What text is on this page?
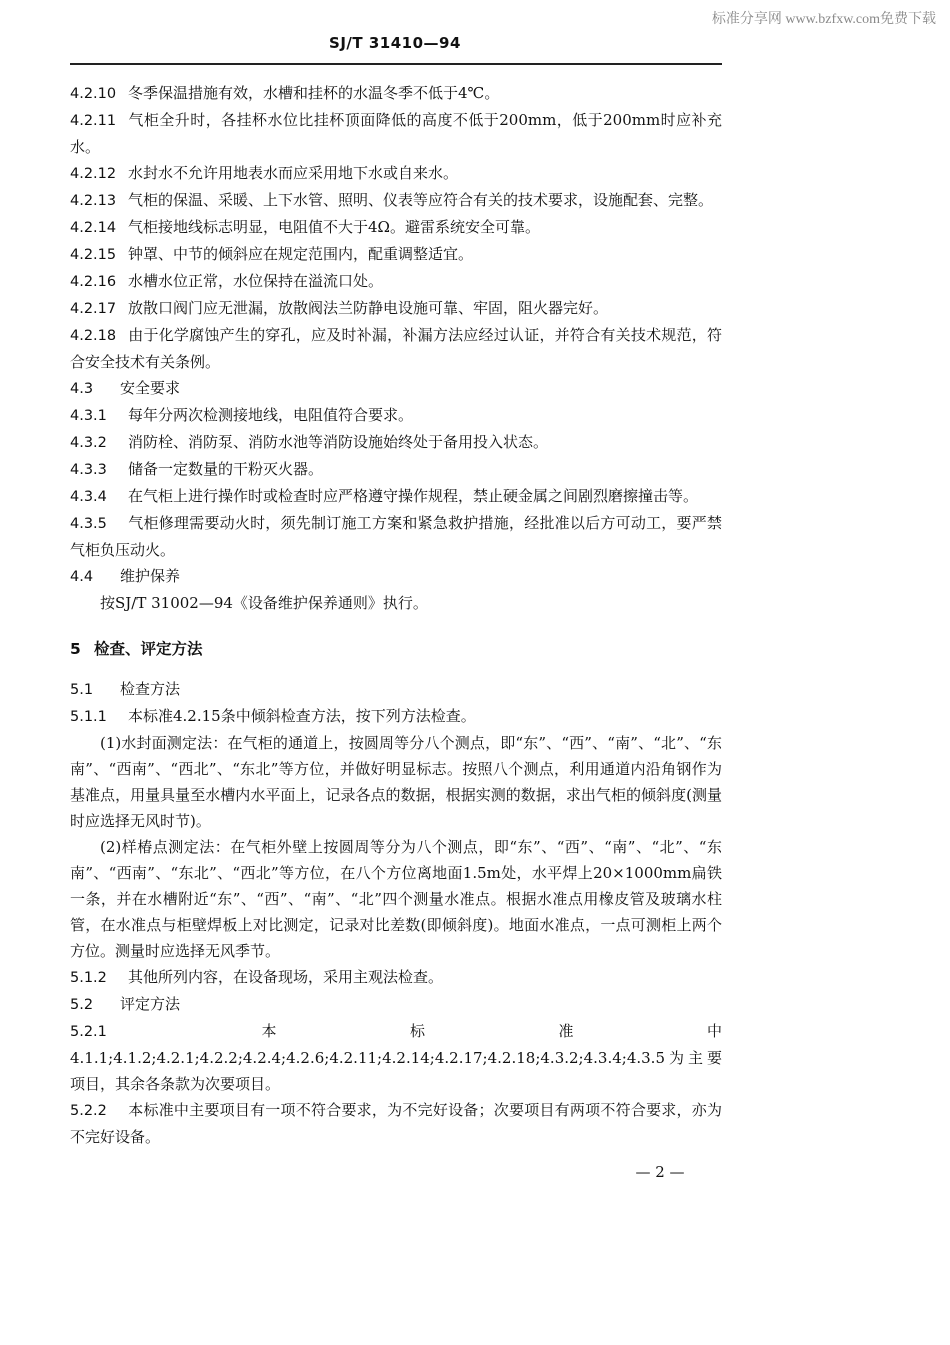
标准分享网 www.bzfxw.com免费下载
SJ/T 31410—94

4.2.10 冬季保温措施有效，水槽和挂杯的水温冬季不低于4℃。

4.2.11 气柜全升时，各挂杯水位比挂杯顶面降低的高度不低于200mm，低于200mm时应补充水。

4.2.12 水封水不允许用地表水而应采用地下水或自来水。

4.2.13 气柜的保温、采暖、上下水管、照明、仪表等应符合有关的技术要求，设施配套、完整。

4.2.14 气柜接地线标志明显，电阻值不大于4Ω。避雷系统安全可靠。

4.2.15 钟罩、中节的倾斜应在规定范围内，配重调整适宜。

4.2.16 水槽水位正常，水位保持在溢流口处。

4.2.17 放散口阀门应无泄漏，放散阀法兰防静电设施可靠、牢固，阻火器完好。

4.2.18 由于化学腐蚀产生的穿孔，应及时补漏，补漏方法应经过认证，并符合有关技术规范，符合安全技术有关条例。

4.3 安全要求

4.3.1 每年分两次检测接地线，电阻值符合要求。

4.3.2 消防栓、消防泵、消防水池等消防设施始终处于备用投入状态。

4.3.3 储备一定数量的干粉灭火器。

4.3.4 在气柜上进行操作时或检查时应严格遵守操作规程，禁止硬金属之间剧烈磨擦撞击等。

4.3.5 气柜修理需要动火时，须先制订施工方案和紧急救护措施，经批准以后方可动工，要严禁气柜负压动火。

4.4 维护保养

按SJ/T 31002—94《设备维护保养通则》执行。

5 检查、评定方法

5.1 检查方法

5.1.1 本标准4.2.15条中倾斜检查方法，按下列方法检查。

(1)水封面测定法：在气柜的通道上，按圆周等分八个测点，即“东”、“西”、“南”、“北”、“东南”、“西南”、“西北”、“东北”等方位，并做好明显标志。按照八个测点，利用通道内沿角钢作为基准点，用量具量至水槽内水平面上，记录各点的数据，根据实测的数据，求出气柜的倾斜度(测量时应选择无风时节)。

(2)样椿点测定法：在气柜外壁上按圆周等分为八个测点，即“东”、“西”、“南”、“北”、“东南”、“西南”、“东北”、“西北”等方位，在八个方位离地面1.5m处，水平焊上20×1000mm扁铁一条，并在水槽附近“东”、“西”、“南”、“北”四个测量水准点。根据水准点用橡皮管及玻璃水柱管，在水准点与柜壁焊板上对比测定，记录对比差数(即倾斜度)。地面水准点，一点可测柜上两个方位。测量时应选择无风季节。

5.1.2 其他所列内容，在设备现场，采用主观法检查。

5.2 评定方法

5.2.1 本标准中4.1.1;4.1.2;4.2.1;4.2.2;4.2.4;4.2.6;4.2.11;4.2.14;4.2.17;4.2.18;4.3.2;4.3.4;4.3.5为主要项目，其余各条款为次要项目。

5.2.2 本标准中主要项目有一项不符合要求，为不完好设备；次要项目有两项不符合要求，亦为不完好设备。

— 2 —
